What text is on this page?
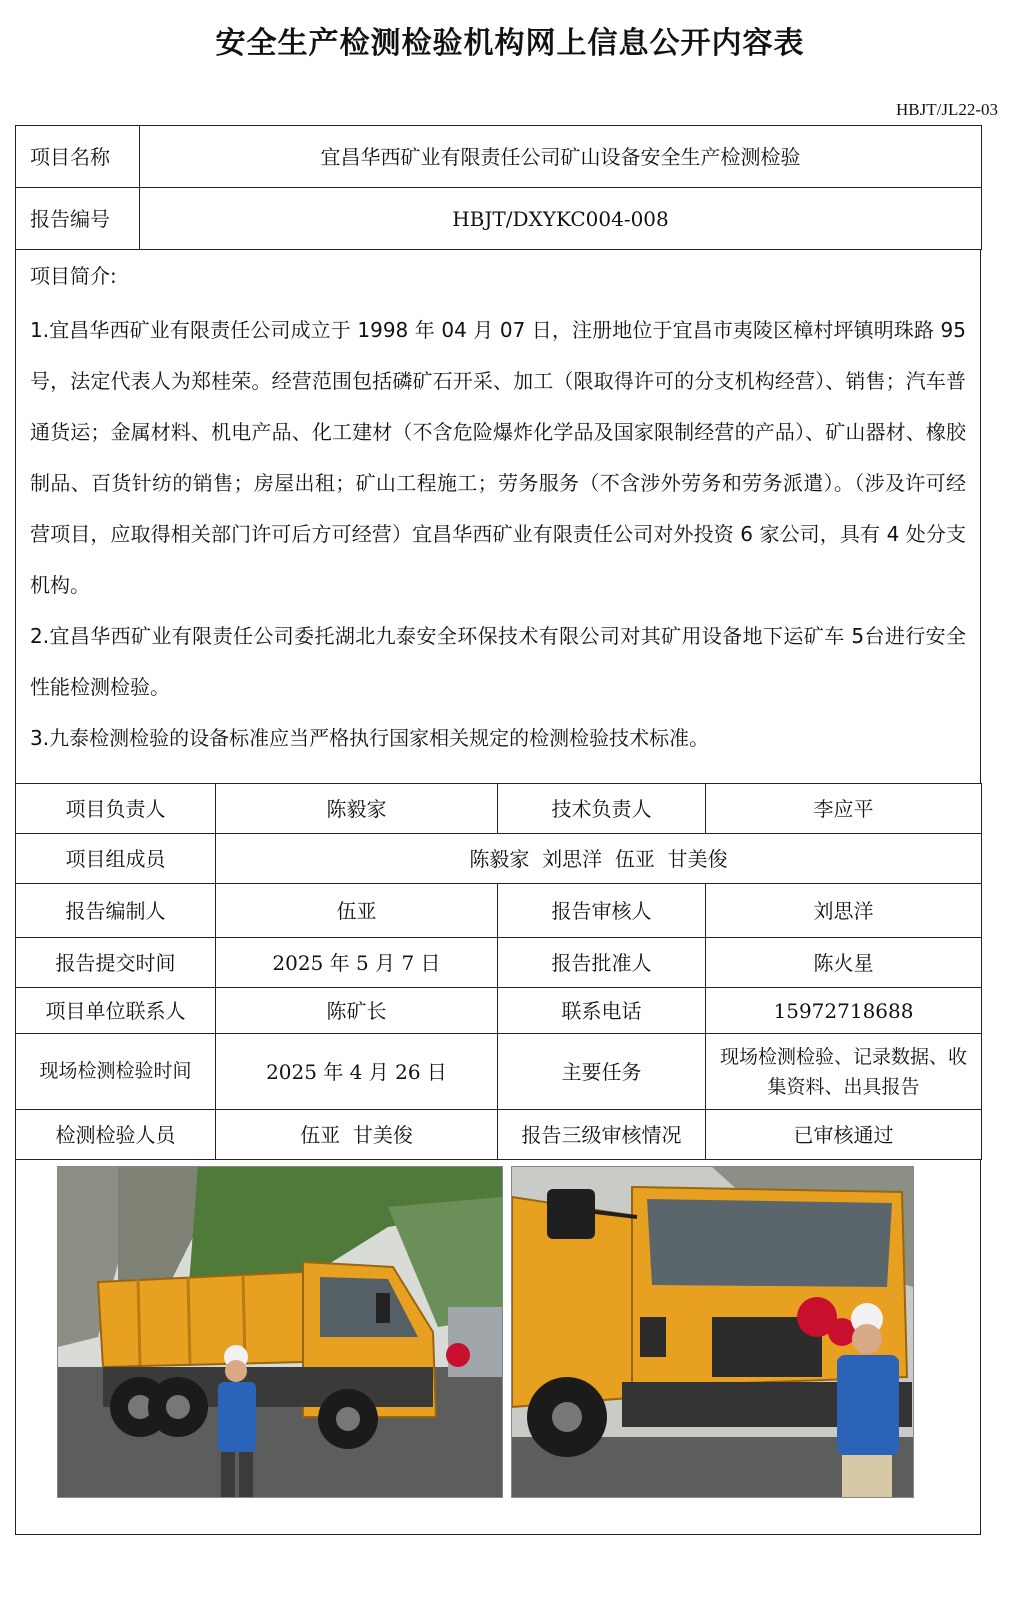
安全生产检测检验机构网上信息公开内容表
HBJT/JL22-03
项目名称	宜昌华西矿业有限责任公司矿山设备安全生产检测检验
报告编号	HBJT/DXYKC004-008

项目简介:

1.宜昌华西矿业有限责任公司成立于 1998 年 04 月 07 日，注册地位于宜昌市夷陵区樟村坪镇明珠路 95 号，法定代表人为郑桂荣。经营范围包括磷矿石开采、加工（限取得许可的分支机构经营）、销售；汽车普通货运；金属材料、机电产品、化工建材（不含危险爆炸化学品及国家限制经营的产品）、矿山器材、橡胶制品、百货针纺的销售；房屋出租；矿山工程施工；劳务服务（不含涉外劳务和劳务派遣）。（涉及许可经营项目，应取得相关部门许可后方可经营）宜昌华西矿业有限责任公司对外投资 6 家公司，具有 4 处分支机构。

2.宜昌华西矿业有限责任公司委托湖北九泰安全环保技术有限公司对其矿用设备地下运矿车 5台进行安全性能检测检验。

3.九泰检测检验的设备标准应当严格执行国家相关规定的检测检验技术标准。

项目负责人	陈毅家	技术负责人	李应平
项目组成员	陈毅家  刘思洋  伍亚  甘美俊		
报告编制人	伍亚	报告审核人	刘思洋
报告提交时间	2025 年 5 月 7 日	报告批准人	陈火星
项目单位联系人	陈矿长	联系电话	15972718688
现场检测检验时间	2025 年 4 月 26 日	主要任务	现场检测检验、记录数据、收集资料、出具报告
检测检验人员	伍亚  甘美俊	报告三级审核情况	已审核通过
